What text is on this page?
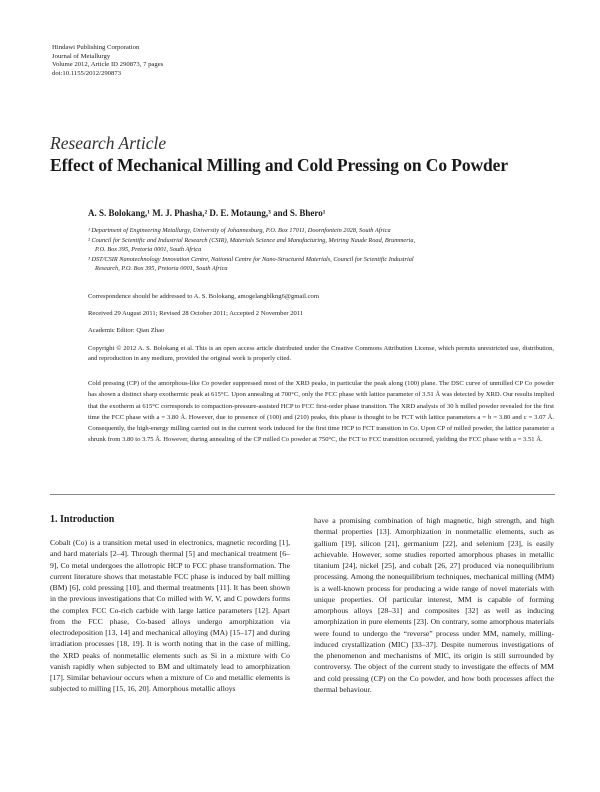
Hindawi Publishing Corporation
Journal of Metallurgy
Volume 2012, Article ID 290873, 7 pages
doi:10.1155/2012/290873
Research Article
Effect of Mechanical Milling and Cold Pressing on Co Powder
A. S. Bolokang,¹ M. J. Phasha,² D. E. Motaung,³ and S. Bhero¹
¹ Department of Engineering Metallurgy, University of Johannesburg, P.O. Box 17011, Doornfontein 2028, South Africa
² Council for Scientific and Industrial Research (CSIR), Materials Science and Manufacturing, Meiring Naude Road, Brummeria,
P.O. Box 395, Pretoria 0001, South Africa
³ DST/CSIR Nanotechnology Innovation Centre, National Centre for Nano-Structured Materials, Council for Scientific Industrial
Research, P.O. Box 395, Pretoria 0001, South Africa
Correspondence should be addressed to A. S. Bolokang, amogelangblkng6@gmail.com
Received 29 August 2011; Revised 28 October 2011; Accepted 2 November 2011
Academic Editor: Qian Zhao
Copyright © 2012 A. S. Bolokang et al. This is an open access article distributed under the Creative Commons Attribution License, which permits unrestricted use, distribution, and reproduction in any medium, provided the original work is properly cited.
Cold pressing (CP) of the amorphous-like Co powder suppressed most of the XRD peaks, in particular the peak along (100) plane. The DSC curve of unmilled CP Co powder has shown a distinct sharp exothermic peak at 615°C. Upon annealing at 700°C, only the FCC phase with lattice parameter of 3.51 Å was detected by XRD. Our results implied that the exotherm at 615°C corresponds to compaction-pressure-assisted HCP to FCC first-order phase transition. The XRD analysis of 30 h milled powder revealed for the first time the FCC phase with a = 3.80 Å. However, due to presence of (100) and (210) peaks, this phase is thought to be FCT with lattice parameters a = b = 3.80 and c = 3.07 Å. Consequently, the high-energy milling carried out in the current work induced for the first time HCP to FCT transition in Co. Upon CP of milled powder, the lattice parameter a shrunk from 3.80 to 3.75 Å. However, during annealing of the CP milled Co powder at 750°C, the FCT to FCC transition occurred, yielding the FCC phase with a = 3.51 Å.
1. Introduction
Cobalt (Co) is a transition metal used in electronics, magnetic recording [1], and hard materials [2–4]. Through thermal [5] and mechanical treatment [6–9], Co metal undergoes the allotropic HCP to FCC phase transformation. The current literature shows that metastable FCC phase is induced by ball milling (BM) [6], cold pressing [10], and thermal treatments [11]. It has been shown in the previous investigations that Co milled with W, V, and C powders forms the complex FCC Co-rich carbide with large lattice parameters [12]. Apart from the FCC phase, Co-based alloys undergo amorphization via electrodeposition [13, 14] and mechanical alloying (MA) [15–17] and during irradiation processes [18, 19]. It is worth noting that in the case of milling, the XRD peaks of nonmetallic elements such as Si in a mixture with Co vanish rapidly when subjected to BM and ultimately lead to amorphization [17]. Similar behaviour occurs when a mixture of Co and metallic elements is subjected to milling [15, 16, 20]. Amorphous metallic alloys
have a promising combination of high magnetic, high strength, and high thermal properties [13]. Amorphization in nonmetallic elements, such as gallium [19], silicon [21], germanium [22], and selenium [23], is easily achievable. However, some studies reported amorphous phases in metallic titanium [24], nickel [25], and cobalt [26, 27] produced via nonequilibrium processing. Among the nonequilibrium techniques, mechanical milling (MM) is a well-known process for producing a wide range of novel materials with unique properties. Of particular interest, MM is capable of forming amorphous alloys [28–31] and composites [32] as well as inducing amorphization in pure elements [23]. On contrary, some amorphous materials were found to undergo the “reverse” process under MM, namely, milling-induced crystallization (MIC) [33–37]. Despite numerous investigations of the phenomenon and mechanisms of MIC, its origin is still surrounded by controversy. The object of the current study to investigate the effects of MM and cold pressing (CP) on the Co powder, and how both processes affect the thermal behaviour.
